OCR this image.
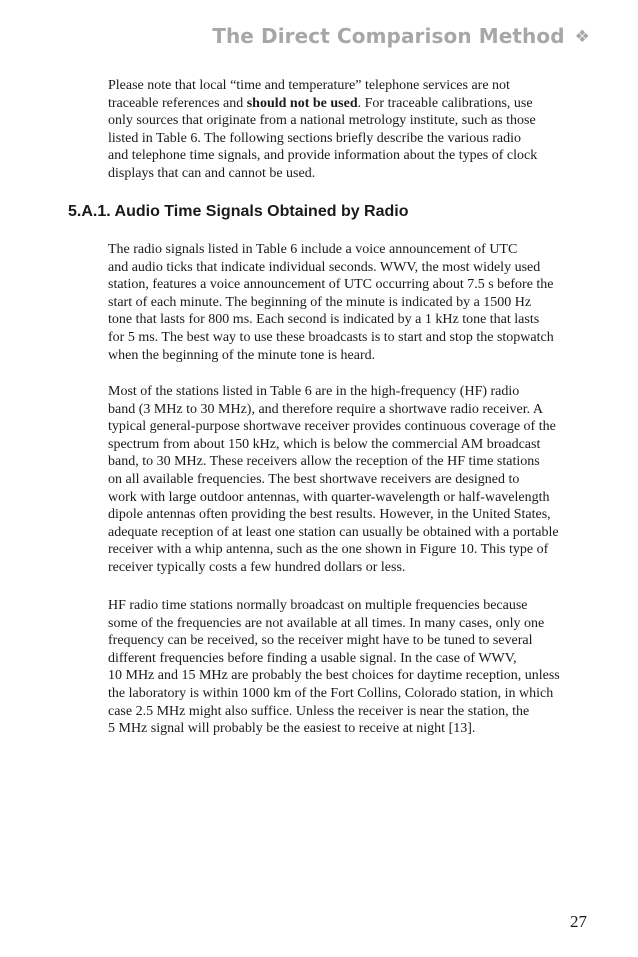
The Direct Comparison Method ❖

Please note that local “time and temperature” telephone services are not
traceable references and should not be used. For traceable calibrations, use
only sources that originate from a national metrology institute, such as those
listed in Table 6. The following sections briefly describe the various radio
and telephone time signals, and provide information about the types of clock
displays that can and cannot be used.

5.A.1. Audio Time Signals Obtained by Radio

The radio signals listed in Table 6 include a voice announcement of UTC
and audio ticks that indicate individual seconds. WWV, the most widely used
station, features a voice announcement of UTC occurring about 7.5 s before the
start of each minute. The beginning of the minute is indicated by a 1500 Hz
tone that lasts for 800 ms. Each second is indicated by a 1 kHz tone that lasts
for 5 ms. The best way to use these broadcasts is to start and stop the stopwatch
when the beginning of the minute tone is heard.

Most of the stations listed in Table 6 are in the high-frequency (HF) radio
band (3 MHz to 30 MHz), and therefore require a shortwave radio receiver. A
typical general-purpose shortwave receiver provides continuous coverage of the
spectrum from about 150 kHz, which is below the commercial AM broadcast
band, to 30 MHz. These receivers allow the reception of the HF time stations
on all available frequencies. The best shortwave receivers are designed to
work with large outdoor antennas, with quarter-wavelength or half-wavelength
dipole antennas often providing the best results. However, in the United States,
adequate reception of at least one station can usually be obtained with a portable
receiver with a whip antenna, such as the one shown in Figure 10. This type of
receiver typically costs a few hundred dollars or less.

HF radio time stations normally broadcast on multiple frequencies because
some of the frequencies are not available at all times. In many cases, only one
frequency can be received, so the receiver might have to be tuned to several
different frequencies before finding a usable signal. In the case of WWV,
10 MHz and 15 MHz are probably the best choices for daytime reception, unless
the laboratory is within 1000 km of the Fort Collins, Colorado station, in which
case 2.5 MHz might also suffice. Unless the receiver is near the station, the
5 MHz signal will probably be the easiest to receive at night [13].

27
